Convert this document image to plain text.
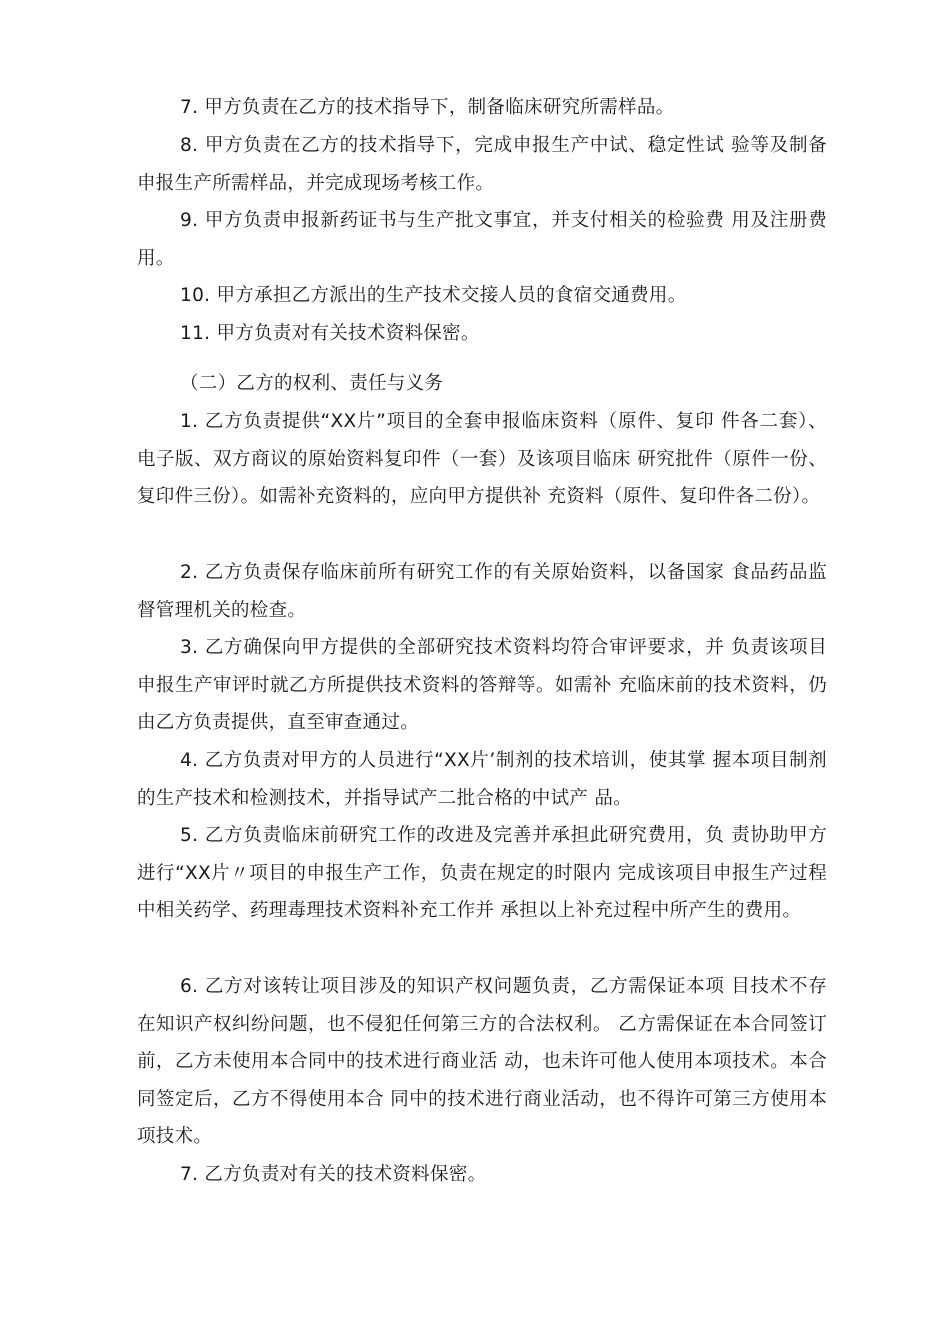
7. 甲方负责在乙方的技术指导下，制备临床研究所需样品。

8. 甲方负责在乙方的技术指导下，完成申报生产中试、稳定性试 验等及制备申报生产所需样品，并完成现场考核工作。

9. 甲方负责申报新药证书与生产批文事宜，并支付相关的检验费 用及注册费用。

10. 甲方承担乙方派出的生产技术交接人员的食宿交通费用。

11. 甲方负责对有关技术资料保密。

（二）乙方的权利、责任与义务

1. 乙方负责提供“XX片”项目的全套申报临床资料（原件、复印 件各二套）、电子版、双方商议的原始资料复印件（一套）及该项目临床 研究批件（原件一份、复印件三份）。如需补充资料的，应向甲方提供补 充资料（原件、复印件各二份）。

2. 乙方负责保存临床前所有研究工作的有关原始资料，以备国家 食品药品监督管理机关的检查。

3. 乙方确保向甲方提供的全部研究技术资料均符合审评要求，并 负责该项目申报生产审评时就乙方所提供技术资料的答辩等。如需补 充临床前的技术资料，仍由乙方负责提供，直至审查通过。

4. 乙方负责对甲方的人员进行“XX片’制剂的技术培训，使其掌 握本项目制剂的生产技术和检测技术，并指导试产二批合格的中试产 品。

5. 乙方负责临床前研究工作的改进及完善并承担此研究费用，负 责协助甲方进行“XX片〃项目的申报生产工作，负责在规定的时限内 完成该项目申报生产过程中相关药学、药理毒理技术资料补充工作并 承担以上补充过程中所产生的费用。

6. 乙方对该转让项目涉及的知识产权问题负责，乙方需保证本项 目技术不存在知识产权纠纷问题，也不侵犯任何第三方的合法权利。 乙方需保证在本合同签订前，乙方未使用本合同中的技术进行商业活 动，也未许可他人使用本项技术。本合同签定后，乙方不得使用本合 同中的技术进行商业活动，也不得许可第三方使用本项技术。

7. 乙方负责对有关的技术资料保密。
